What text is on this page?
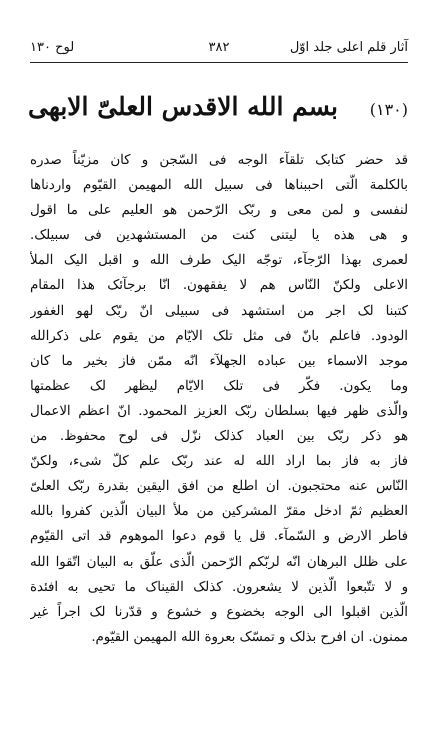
آثار قلم اعلی جلد اوّل
۳۸۲
لوح ۱۳۰
(۱۳۰)
بسم الله الاقدس العلیّ الابهی
قد حضر کتابک تلقآء الوجه فی السّجن و کان مزیّناً صدره
بالکلمة الّتی احببناها فی سبیل الله المهیمن القیّوم واردناها
لنفسی و لمن معی و ربّک الرّحمن هو العلیم علی ما اقول
و هی هذه یا لیتنی کنت من المستشهدین فی سبیلک.
لعمری بهذا الرّجآء، توجّه الیک طرف الله و اقبل الیک الملأ
الاعلی ولکنّ النّاس هم لا یفقهون. انّا برجآئک هذا المقام
کتبنا لک اجر من استشهد فی سبیلی انّ ربّک لهو الغفور
الودود. فاعلم بانّ فی مثل تلک الایّام من یقوم علی ذکرالله
موجد الاسماء بین عباده الجهلآء انّه ممّن فاز بخیر ما کان
وما یکون. فکّر فی تلک الایّام لیظهر لک عظمتها
والّذی ظهر فیها بسلطان ربّک العزیز المحمود. انّ اعظم الاعمال
هو ذکر ربّک بین العباد کذلک نزّل فی لوح محفوظ. من
فاز به فاز بما اراد الله له عند ربّک علم کلّ شیء، ولکنّ
النّاس عنه محتجبون. ان اطلع من افق الیقین بقدرة ربّک العلیّ
العظیم ثمّ ادخل مقرّ المشرکین من ملأ البیان الّذین کفروا بالله
فاطر الارض و السّمآء. قل یا قوم دعوا الموهوم قد اتی القیّوم
علی ظلل البرهان انّه لربّکم الرّحمن الّذی علّق به البیان اتّقوا الله
و لا تتّبعوا الّذین لا یشعرون. کذلک القیناک ما تحیی به افئدة
الّذین اقبلوا الی الوجه بخضوع و خشوع و قدّرنا لک اجراً غیر
ممنون. ان افرح بذلک و تمسّک بعروة الله المهیمن القیّوم.
